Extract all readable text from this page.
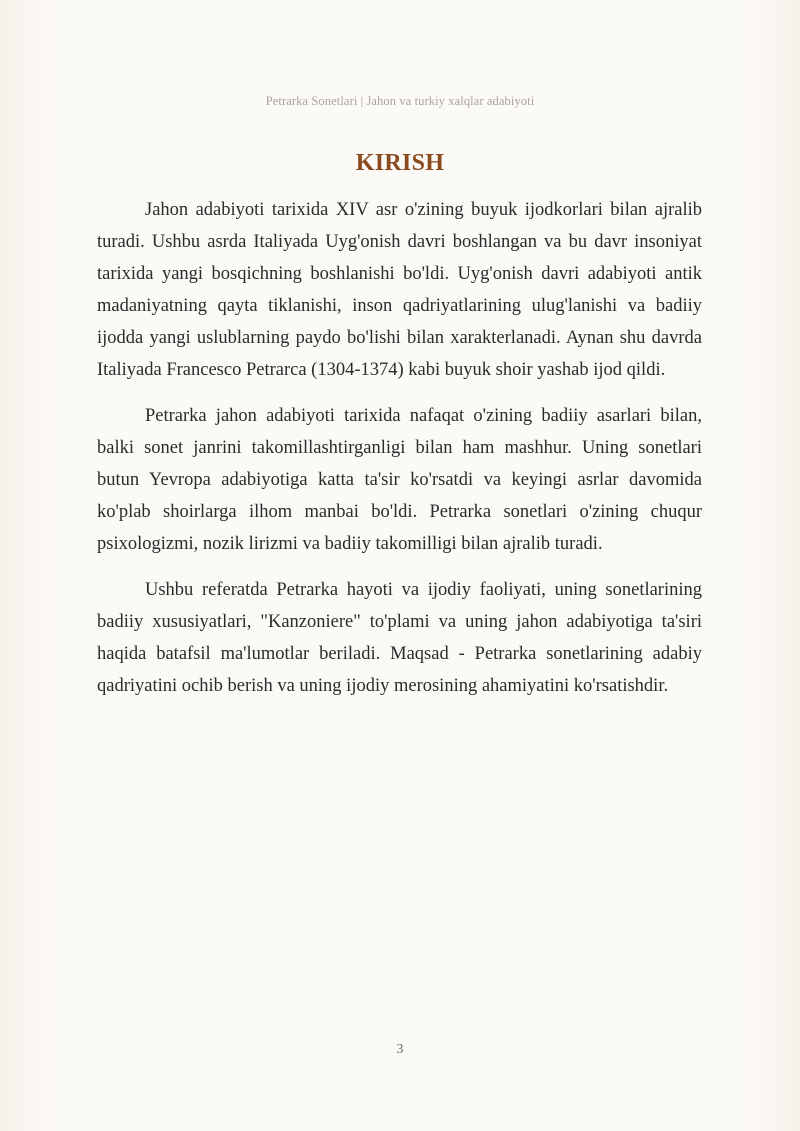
Petrarka Sonetlari | Jahon va turkiy xalqlar adabiyoti
KIRISH

Jahon adabiyoti tarixida XIV asr o'zining buyuk ijodkorlari bilan ajralib turadi. Ushbu asrda Italiyada Uyg'onish davri boshlangan va bu davr insoniyat tarixida yangi bosqichning boshlanishi bo'ldi. Uyg'onish davri adabiyoti antik madaniyatning qayta tiklanishi, inson qadriyatlarining ulug'lanishi va badiiy ijodda yangi uslublarning paydo bo'lishi bilan xarakterlanadi. Aynan shu davrda Italiyada Francesco Petrarca (1304-1374) kabi buyuk shoir yashab ijod qildi.

Petrarka jahon adabiyoti tarixida nafaqat o'zining badiiy asarlari bilan, balki sonet janrini takomillashtirganligi bilan ham mashhur. Uning sonetlari butun Yevropa adabiyotiga katta ta'sir ko'rsatdi va keyingi asrlar davomida ko'plab shoirlarga ilhom manbai bo'ldi. Petrarka sonetlari o'zining chuqur psixologizmi, nozik lirizmi va badiiy takomilligi bilan ajralib turadi.

Ushbu referatda Petrarka hayoti va ijodiy faoliyati, uning sonetlarining badiiy xususiyatlari, "Kanzoniere" to'plami va uning jahon adabiyotiga ta'siri haqida batafsil ma'lumotlar beriladi. Maqsad - Petrarka sonetlarining adabiy qadriyatini ochib berish va uning ijodiy merosining ahamiyatini ko'rsatishdir.

3
